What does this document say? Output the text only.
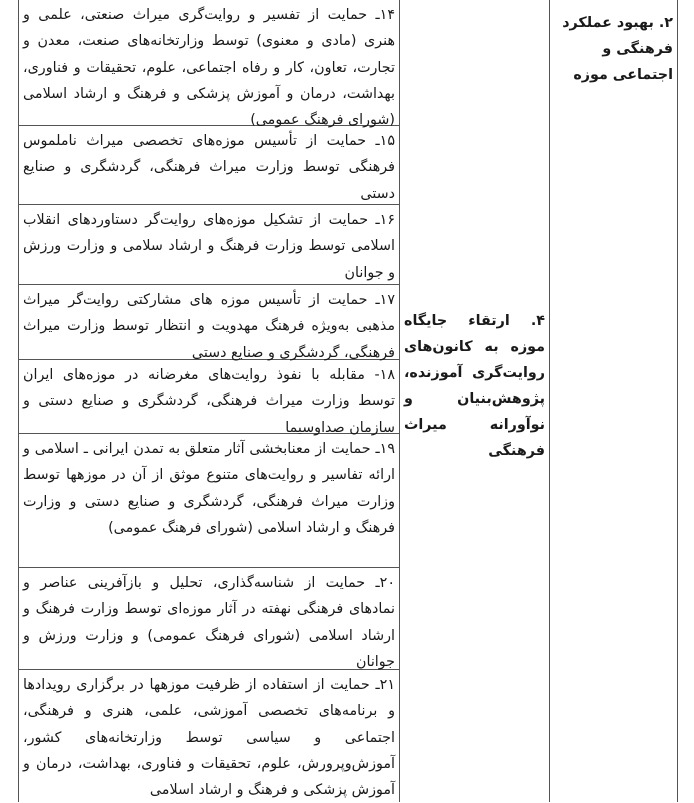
۲. بهبود عملکرد فرهنگی و اجتماعی موزه
۴. ارتقاء جایگاه موزه به کانون‌های روایت‌گری آموزنده، پژوهش‌بنیان و نوآورانه میراث فرهنگی
۱۴ـ حمایت از تفسیر و روایت‌گری میراث صنعتی، علمی و هنری (مادی و معنوی) توسط وزارتخانه‌های صنعت، معدن و تجارت، تعاون، کار و رفاه اجتماعی، علوم، تحقیقات و فناوری، بهداشت، درمان و آموزش پزشکی و فرهنگ و ارشاد اسلامی (شورای فرهنگ عمومی)
۱۵ـ حمایت از تأسیس موزه‌های تخصصی میراث ناملموس فرهنگی توسط وزارت میراث فرهنگی، گردشگری و صنایع دستی
۱۶ـ حمایت از تشکیل موزه‌های روایت‌گر دستاوردهای انقلاب اسلامی توسط وزارت فرهنگ و ارشاد سلامی و وزارت ورزش و جوانان
۱۷ـ حمایت از تأسیس موزه های مشارکتی روایت‌گر میراث مذهبی به‌ویژه فرهنگ مهدویت و انتظار توسط وزارت میراث فرهنگی، گردشگری و صنایع دستی
۱۸- مقابله با نفوذ روایت‌های مغرضانه در موزه‌های ایران توسط وزارت میراث فرهنگی، گردشگری و صنایع دستی و سازمان صداوسیما
۱۹ـ حمایت از معنابخشی آثار متعلق به تمدن ایرانی ـ اسلامی و ارائه تفاسیر و روایت‌های متنوع موثق از آن در موزهها توسط وزارت میراث فرهنگی، گردشگری و صنایع دستی و وزارت فرهنگ و ارشاد اسلامی (شورای فرهنگ عمومی)
۲۰ـ حمایت از شناسه‌گذاری، تحلیل و بازآفرینی عناصر و نمادهای فرهنگی نهفته در آثار موزه‌ای توسط وزارت فرهنگ و ارشاد اسلامی (شورای فرهنگ عمومی) و وزارت ورزش و جوانان
۲۱ـ حمایت از استفاده از ظرفیت موزهها در برگزاری رویدادها و برنامه‌های تخصصی آموزشی، علمی، هنری و فرهنگی، اجتماعی و سیاسی توسط وزارتخانه‌های کشور، آموزش‌وپرورش، علوم، تحقیقات و فناوری، بهداشت، درمان و آموزش پزشکی و فرهنگ و ارشاد اسلامی
